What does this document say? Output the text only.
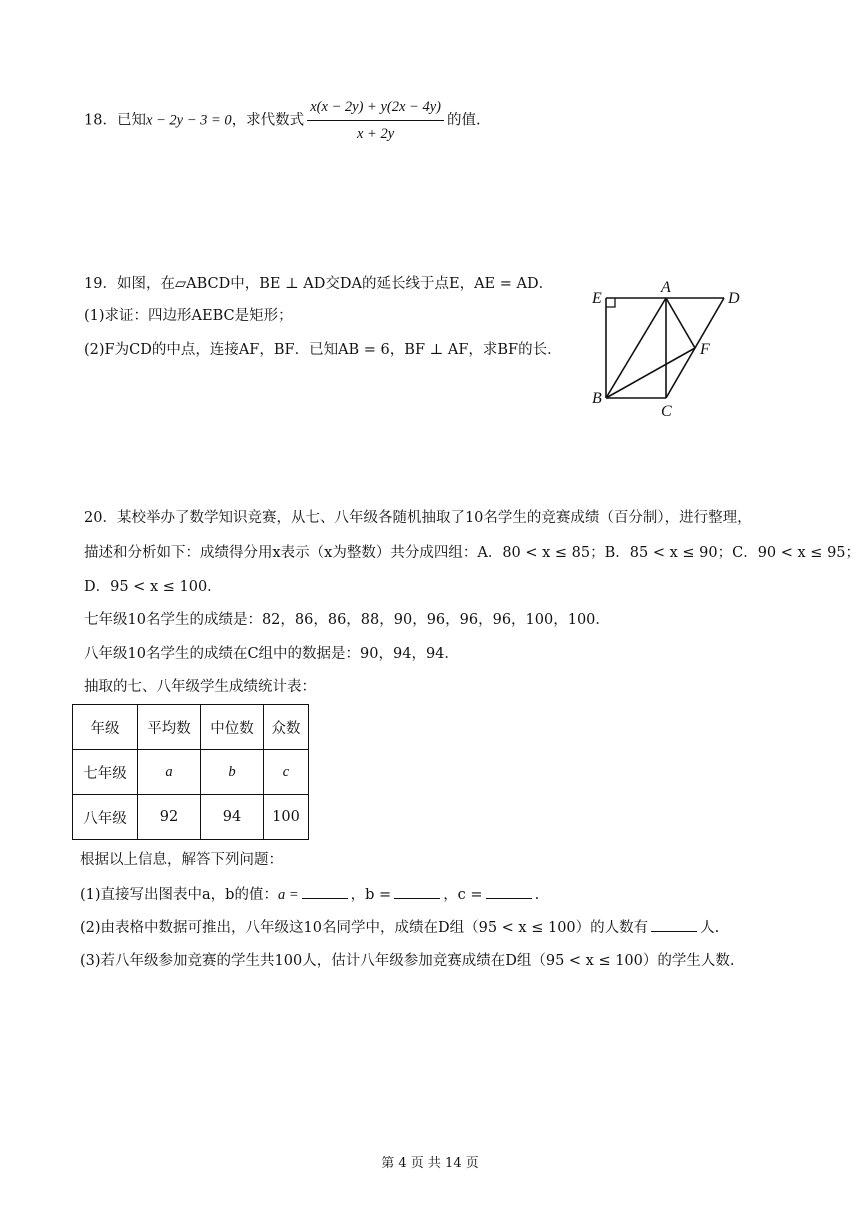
18．已知x − 2y − 3 = 0，求代数式 $\frac{x(x - 2y) + y(2x - 4y)}{x + 2y}$ 的值.
19．如图，在▱ABCD中，BE ⊥ AD交DA的延长线于点E，AE = AD．
(1)求证：四边形AEBC是矩形；
(2)F为CD的中点，连接AF，BF．已知AB = 6，BF ⊥ AF，求BF的长．
E
A
D
F
B
C
20．某校举办了数学知识竞赛，从七、八年级各随机抽取了10名学生的竞赛成绩（百分制），进行整理，
描述和分析如下：成绩得分用x表示（x为整数）共分成四组：A．80 < x ≤ 85；B．85 < x ≤ 90；C．90 < x ≤ 95；
D．95 < x ≤ 100．
七年级10名学生的成绩是：82，86，86，88，90，96，96，96，100，100．
八年级10名学生的成绩在C组中的数据是：90，94，94．
抽取的七、八年级学生成绩统计表：
年级	平均数	中位数	众数
七年级	a	b	c
八年级	92	94	100
根据以上信息，解答下列问题：
(1)直接写出图表中a，b的值：a =	，b =	，c =	.
(2)由表格中数据可推出，八年级这10名同学中，成绩在D组（95 < x ≤ 100）的人数有	人.
(3)若八年级参加竞赛的学生共100人，估计八年级参加竞赛成绩在D组（95 < x ≤ 100）的学生人数.
第 4 页 共 14 页
